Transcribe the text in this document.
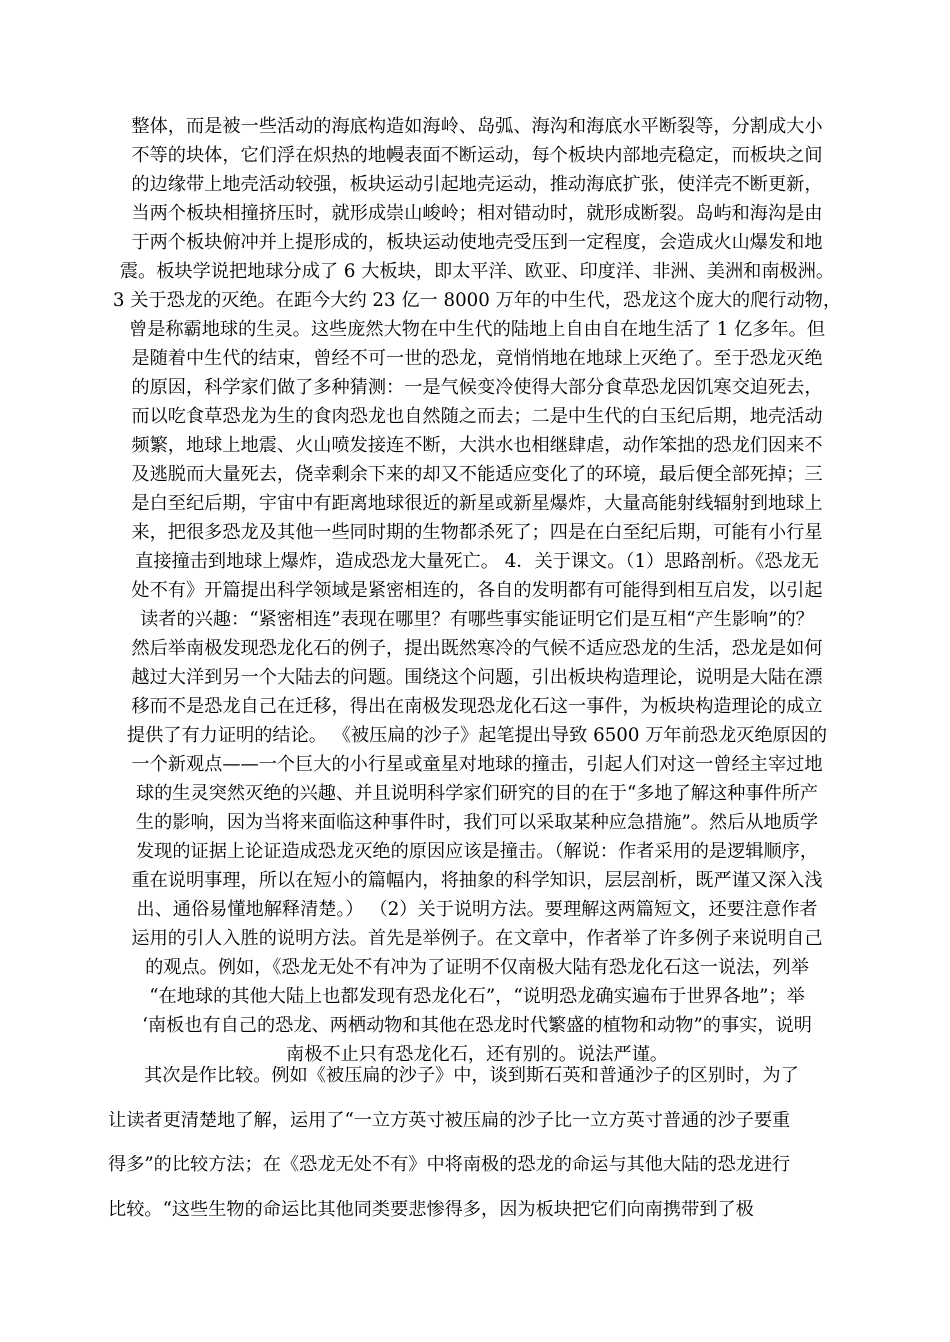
整体，而是被一些活动的海底构造如海岭、岛弧、海沟和海底水平断裂等，分割成大小
不等的块体，它们浮在炽热的地幔表面不断运动，每个板块内部地壳稳定，而板块之间
的边缘带上地壳活动较强，板块运动引起地壳运动，推动海底扩张，使洋壳不断更新，
当两个板块相撞挤压时，就形成崇山峻岭；相对错动时，就形成断裂。岛屿和海沟是由
于两个板块俯冲并上提形成的，板块运动使地壳受压到一定程度，会造成火山爆发和地
震。板块学说把地球分成了 6 大板块，即太平洋、欧亚、印度洋、非洲、美洲和南极洲。
3 关于恐龙的灭绝。在距今大约 23 亿一 8000 万年的中生代，恐龙这个庞大的爬行动物，
曾是称霸地球的生灵。这些庞然大物在中生代的陆地上自由自在地生活了 1 亿多年。但
是随着中生代的结束，曾经不可一世的恐龙，竟悄悄地在地球上灭绝了。至于恐龙灭绝
的原因，科学家们做了多种猜测：一是气候变冷使得大部分食草恐龙因饥寒交迫死去，
而以吃食草恐龙为生的食肉恐龙也自然随之而去；二是中生代的白玉纪后期，地壳活动
频繁，地球上地震、火山喷发接连不断，大洪水也相继肆虐，动作笨拙的恐龙们因来不
及逃脱而大量死去，侥幸剩余下来的却又不能适应变化了的环境，最后便全部死掉；三
是白至纪后期，宇宙中有距离地球很近的新星或新星爆炸，大量高能射线辐射到地球上
来，把很多恐龙及其他一些同时期的生物都杀死了；四是在白至纪后期，可能有小行星
直接撞击到地球上爆炸，造成恐龙大量死亡。 4．关于课文。（1）思路剖析。《恐龙无
处不有》开篇提出科学领域是紧密相连的，各自的发明都有可能得到相互启发，以引起
读者的兴趣：“紧密相连”表现在哪里？有哪些事实能证明它们是互相“产生影响”的？
然后举南极发现恐龙化石的例子，提出既然寒冷的气候不适应恐龙的生活，恐龙是如何
越过大洋到另一个大陆去的问题。围绕这个问题，引出板块构造理论，说明是大陆在漂
移而不是恐龙自己在迁移，得出在南极发现恐龙化石这一事件，为板块构造理论的成立
提供了有力证明的结论。 《被压扁的沙子》起笔提出导致 6500 万年前恐龙灭绝原因的
一个新观点——一个巨大的小行星或童星对地球的撞击，引起人们对这一曾经主宰过地
球的生灵突然灭绝的兴趣、并且说明科学家们研究的目的在于“多地了解这种事件所产
生的影响，因为当将来面临这种事件时，我们可以采取某种应急措施”。然后从地质学
发现的证据上论证造成恐龙灭绝的原因应该是撞击。（解说：作者采用的是逻辑顺序，
重在说明事理，所以在短小的篇幅内，将抽象的科学知识，层层剖析，既严谨又深入浅
出、通俗易懂地解释清楚。） （2）关于说明方法。要理解这两篇短文，还要注意作者
运用的引人入胜的说明方法。首先是举例子。在文章中，作者举了许多例子来说明自己
的观点。例如，《恐龙无处不有冲为了证明不仅南极大陆有恐龙化石这一说法，列举
“在地球的其他大陆上也都发现有恐龙化石”，“说明恐龙确实遍布于世界各地”；举
‘南板也有自己的恐龙、两栖动物和其他在恐龙时代繁盛的植物和动物”的事实，说明
南极不止只有恐龙化石，还有别的。说法严谨。
其次是作比较。例如《被压扁的沙子》中，谈到斯石英和普通沙子的区别时，为了
让读者更清楚地了解，运用了“一立方英寸被压扁的沙子比一立方英寸普通的沙子要重
得多”的比较方法；在《恐龙无处不有》中将南极的恐龙的命运与其他大陆的恐龙进行
比较。“这些生物的命运比其他同类要悲惨得多，因为板块把它们向南携带到了极
